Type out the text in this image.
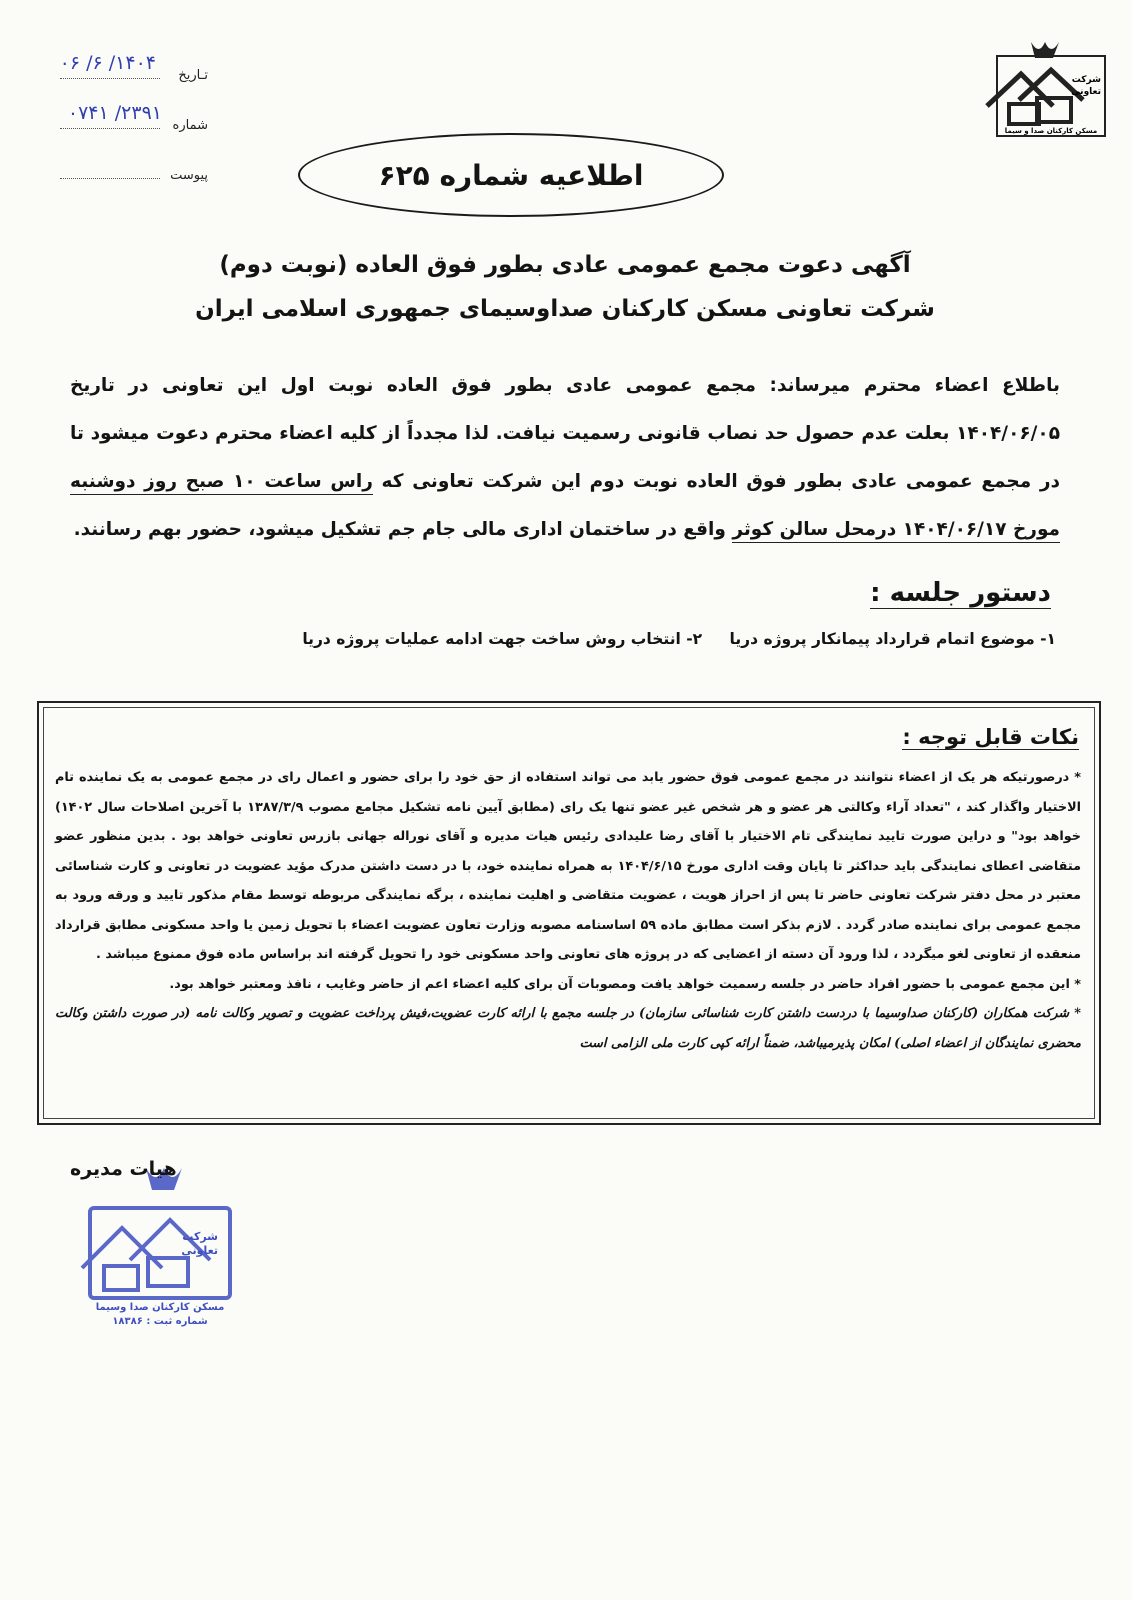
تـاریخ
۱۴۰۴/ ۶/ ۰۶
شماره
۲۳۹۱/ ۰۷۴۱
پیوست
شرکت
تعاونی
مسکن کارکنان صدا و سیما
اطلاعیه شماره ۶۲۵
آگهی دعوت مجمع عمومی عادی بطور فوق العاده (نوبت دوم)
شرکت تعاونی مسکن کارکنان صداوسیمای جمهوری اسلامی ایران
باطلاع اعضاء محترم میرساند: مجمع عمومی عادی بطور فوق العاده نوبت اول این تعاونی در تاریخ ۱۴۰۴/۰۶/۰۵ بعلت عدم حصول حد نصاب قانونی رسمیت نیافت. لذا مجدداً از کلیه اعضاء محترم دعوت میشود تا در مجمع عمومی عادی بطور فوق العاده نوبت دوم این شرکت تعاونی که راس ساعت ۱۰ صبح روز دوشنبه مورخ ۱۴۰۴/۰۶/۱۷ درمحل سالن کوثر واقع در ساختمان اداری مالی جام جم تشکیل میشود، حضور بهم رسانند.
دستور جلسه :
۱- موضوع اتمام قرارداد پیمانکار پروژه دریا ۲- انتخاب روش ساخت جهت ادامه عملیات پروژه دریا
نکات قابل توجه :

* درصورتیکه هر یک از اعضاء نتوانند در مجمع عمومی فوق حضور یابد می تواند استفاده از حق خود را برای حضور و اعمال رای در مجمع عمومی به یک نماینده تام الاختیار واگذار کند ، "تعداد آراء وکالتی هر عضو و هر شخص غیر عضو تنها یک رای (مطابق آیین نامه تشکیل مجامع مصوب ۱۳۸۷/۳/۹ با آخرین اصلاحات سال ۱۴۰۲) خواهد بود" و دراین صورت تایید نمایندگی تام الاختیار با آقای رضا علیدادی رئیس هیات مدیره و آقای نوراله جهانی بازرس تعاونی خواهد بود . بدین منظور عضو متقاضی اعطای نمایندگی باید حداکثر تا پایان وقت اداری مورخ ۱۴۰۴/۶/۱۵ به همراه نماینده خود، با در دست داشتن مدرک مؤید عضویت در تعاونی و کارت شناسائی معتبر در محل دفتر شرکت تعاونی حاضر تا پس از احراز هویت ، عضویت متقاضی و اهلیت نماینده ، برگه نمایندگی مربوطه توسط مقام مذکور تایید و ورقه ورود به مجمع عمومی برای نماینده صادر گردد . لازم بذکر است مطابق ماده ۵۹ اساسنامه مصوبه وزارت تعاون عضویت اعضاء با تحویل زمین یا واحد مسکونی مطابق قرارداد منعقده از تعاونی لغو میگردد ، لذا ورود آن دسته از اعضایی که در پروژه های تعاونی واحد مسکونی خود را تحویل گرفته اند براساس ماده فوق ممنوع میباشد .

* این مجمع عمومی با حضور افراد حاضر در جلسه رسمیت خواهد یافت ومصوبات آن برای کلیه اعضاء اعم از حاضر وغایب ، نافذ ومعتبر خواهد بود.

* شرکت همکاران (کارکنان صداوسیما با دردست داشتن کارت شناسائی سازمان) در جلسه مجمع با ارائه کارت عضویت،فیش پرداخت عضویت و تصویر وکالت نامه (در صورت داشتن وکالت محضری نمایندگان از اعضاء اصلی) امکان پذیرمیباشد، ضمناً ارائه کپی کارت ملی الزامی است

شرکت
تعاونی
مسکن کارکنان صدا وسیما
شماره ثبت : ۱۸۳۸۶
هیات مدیره
